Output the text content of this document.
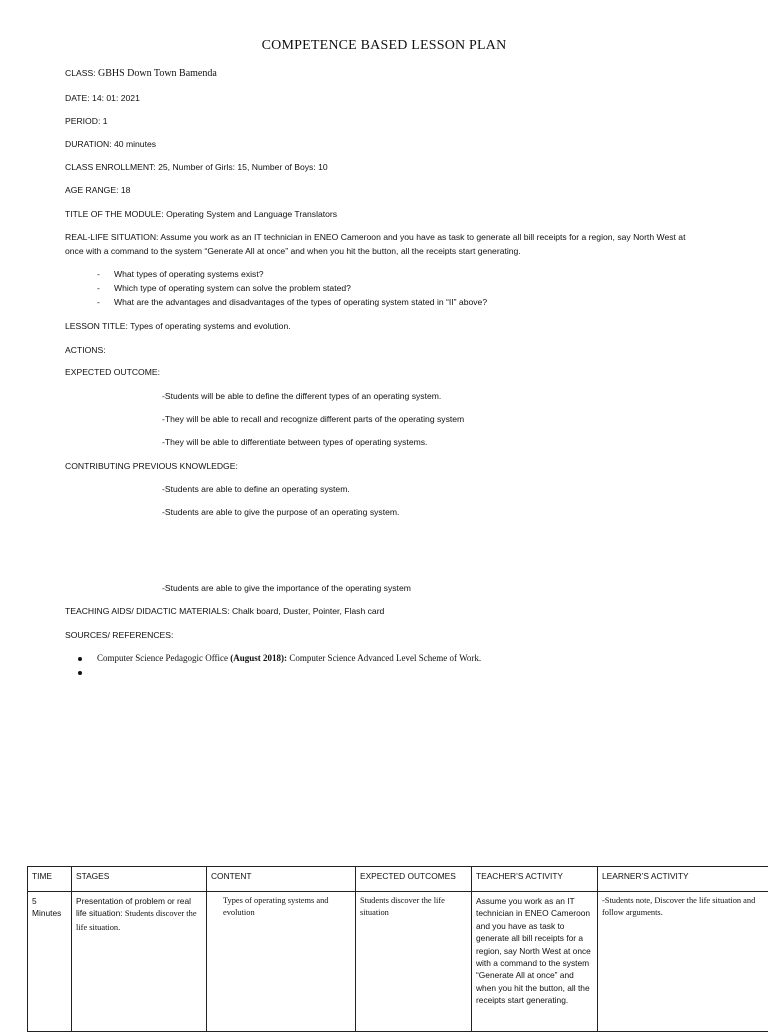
COMPETENCE BASED LESSON PLAN
CLASS: GBHS Down Town Bamenda
DATE: 14: 01: 2021
PERIOD: 1
DURATION: 40 minutes
CLASS ENROLLMENT: 25, Number of Girls: 15, Number of Boys: 10
AGE RANGE: 18
TITLE OF THE MODULE: Operating System and Language Translators
REAL-LIFE SITUATION: Assume you work as an IT technician in ENEO Cameroon and you have as task to generate all bill receipts for a region, say North West at
once with a command to the system “Generate All at once” and when you hit the button, all the receipts start generating.
- What types of operating systems exist?
- Which type of operating system can solve the problem stated?
- What are the advantages and disadvantages of the types of operating system stated in “II” above?
LESSON TITLE: Types of operating systems and evolution.
ACTIONS:
EXPECTED OUTCOME:
-Students will be able to define the different types of an operating system.
-They will be able to recall and recognize different parts of the operating system
-They will be able to differentiate between types of operating systems.
CONTRIBUTING PREVIOUS KNOWLEDGE:
-Students are able to define an operating system.
-Students are able to give the purpose of an operating system.
-Students are able to give the importance of the operating system
TEACHING AIDS/ DIDACTIC MATERIALS: Chalk board, Duster, Pointer, Flash card
SOURCES/ REFERENCES:
Computer Science Pedagogic Office (August 2018): Computer Science Advanced Level Scheme of Work.
TIME	STAGES	CONTENT	EXPECTED OUTCOMES	TEACHER’S ACTIVITY	LEARNER’S ACTIVITY
5 Minutes	Presentation of problem or real life situation: Students discover the life situation.	Types of operating systems and evolution	Students discover the life situation	Assume you work as an IT technician in ENEO Cameroon and you have as task to generate all bill receipts for a region, say North West at once with a command to the system “Generate All at once” and when you hit the button, all the receipts start generating.	-Students note, Discover the life situation and follow arguments.
